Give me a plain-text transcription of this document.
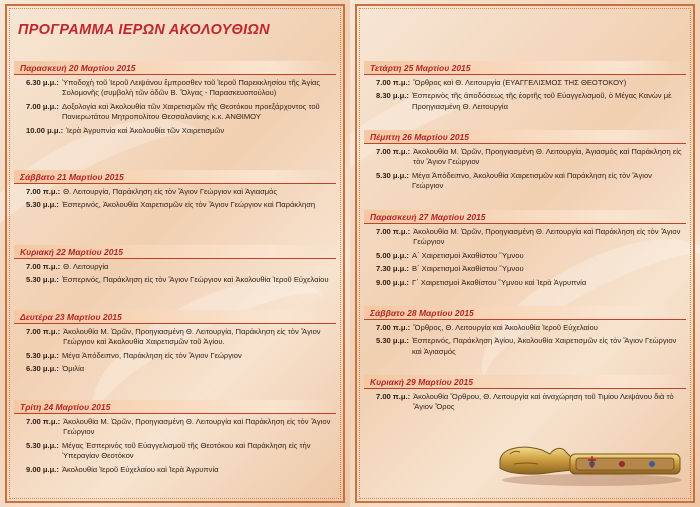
ΠΡΟΓΡΑΜΜΑ ΙΕΡΩΝ ΑΚΟΛΟΥΘΙΩΝ
Παρασκευή 20 Μαρτίου 2015
6.30 μ.μ.: Ὑποδοχὴ τοῦ Ἱεροῦ Λειψάνου ἔμπροσθεν τοῦ Ἱεροῦ Παρεκκλησίου τῆς Ἁγίας Σολομονῆς (συμβολὴ τῶν ὁδῶν Β. Ὄλγας - Παρασκευοπούλου)
7.00 μ.μ.: Δοξολογία καὶ Ἀκολουθία τῶν Χαιρετισμῶν τῆς Θεοτόκου προεξάρχοντος τοῦ Πανιερωτάτου Μητροπολίτου Θεσσαλονίκης κ.κ. ΑΝΘΙΜΟΥ
10.00 μ.μ.: Ἱερὰ Ἀγρυπνία καὶ Ἀκολουθία τῶν Χαιρετισμῶν
Σάββατο 21 Μαρτίου 2015
7.00 π.μ.: Θ. Λειτουργία, Παράκληση εἰς τὸν Ἅγιον Γεώργιον καὶ Ἁγιασμός
5.30 μ.μ.: Ἑσπερινός, Ἀκολουθία Χαιρετισμῶν εἰς τὸν Ἅγιον Γεώργιον καὶ Παράκληση
Κυριακή 22 Μαρτίου 2015
7.00 π.μ.: Θ. Λειτουργία
5.30 μ.μ.: Ἑσπερινός, Παράκληση εἰς τὸν Ἅγιον Γεώργιον καὶ Ἀκολουθία Ἱεροῦ Εὐχελαίου
Δευτέρα 23 Μαρτίου 2015
7.00 π.μ.: Ἀκολουθία Μ. Ὡρῶν, Προηγιασμένη Θ. Λειτουργία, Παράκληση εἰς τὸν Ἅγιον Γεώργιον καὶ Ἀκολουθία Χαιρετισμῶν τοῦ Ἁγίου.
5.30 μ.μ.: Μέγα Ἀπόδειπνο, Παράκληση εἰς τὸν Ἅγιον Γεώργιον
6.30 μ.μ.: Ὁμιλία
Τρίτη 24 Μαρτίου 2015
7.00 π.μ.: Ἀκολουθία Μ. Ὡρῶν, Προηγιασμένη Θ. Λειτουργία καὶ Παράκληση εἰς τὸν Ἅγιον Γεώργιον
5.30 μ.μ.: Μέγας Ἑσπερινὸς τοῦ Εὐαγγελισμοῦ τῆς Θεοτόκου καὶ Παράκληση εἰς τὴν Ὑπεραγίαν Θεοτόκον
9.00 μ.μ.: Ἀκολουθία Ἱεροῦ Εὐχελαίου καὶ Ἱερὰ Ἀγρυπνία
Τετάρτη 25 Μαρτίου 2015
7.00 π.μ.: Ὄρθρος καὶ Θ. Λειτουργία (ΕΥΑΓΓΕΛΙΣΜΟΣ ΤΗΣ ΘΕΟΤΟΚΟΥ)
8.30 μ.μ.: Ἑσπερινὸς τῆς ἀποδόσεως τῆς ἑορτῆς τοῦ Εὐαγγελισμοῦ, ὁ Μέγας Κανὼν μὲ Προηγιασμένη Θ. Λειτουργία
Πέμπτη 26 Μαρτίου 2015
7.00 π.μ.: Ἀκολουθία Μ. Ὡρῶν, Προηγιασμένη Θ. Λειτουργία, Ἁγιασμὸς καὶ Παράκληση εἰς τὸν Ἅγιον Γεώργιον
5.30 μ.μ.: Μέγα Ἀπόδειπνο, Ἀκολουθία Χαιρετισμῶν καὶ Παράκληση εἰς τὸν Ἅγιον Γεώργιον
Παρασκευή 27 Μαρτίου 2015
7.00 π.μ.: Ἀκολουθία Μ. Ὡρῶν, Προηγιασμένη Θ. Λειτουργία καὶ Παράκληση εἰς τὸν Ἅγιον Γεώργιον
5.00 μ.μ.: Α΄ Χαιρετισμοὶ Ἀκαθίστου Ὕμνου
7.30 μ.μ.: Β΄ Χαιρετισμοὶ Ἀκαθίστου Ὕμνου
9.00 μ.μ.: Γ΄ Χαιρετισμοὶ Ἀκαθίστου Ὕμνου καὶ Ἱερὰ Ἀγρυπνία
Σάββατο 28 Μαρτίου 2015
7.00 π.μ.: Ὄρθρος, Θ. Λειτουργία καὶ Ἀκολουθία Ἱεροῦ Εὐχελαίου
5.30 μ.μ.: Ἑσπερινός, Παράκληση Ἁγίου, Ἀκολουθία Χαιρετισμῶν εἰς τὸν Ἅγιον Γεώργιον καὶ Ἁγιασμός
Κυριακή 29 Μαρτίου 2015
7.00 π.μ.: Ἀκολουθία Ὄρθρου, Θ. Λειτουργία καὶ ἀναχώρηση τοῦ Τιμίου Λειψάνου διὰ τὸ Ἅγιον Ὄρος
